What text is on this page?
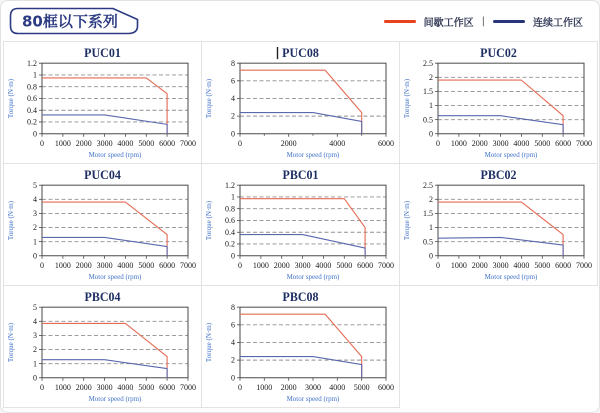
80框以下系列	间歇工作区 |	连续工作区
0
0.2
0.4
0.6
0.8
1
1.2
0 1000 2000 3000 4000 5000 6000 7000
PUC01
Motor speed (rpm)
Torque (N·m)
0
2
4
6
8
0	2000	4000	6000
PUC08
Motor speed (rpm)
Torque (N·m)
0
0.5
1
1.5
2
2.5
0 1000 2000 3000 4000 5000 6000 7000
PUC02
Motor speed (rpm)
Torque (N·m)
0
1
2
3
4
5
0 1000 2000 3000 4000 5000 6000 7000
PUC04
Motor speed (rpm)
Torque (N·m)
0
0.2
0.4
0.6
0.8
1
1.2
0 1000 2000 3000 4000 5000 6000 7000
PBC01
Motor speed (rpm)
Torque (N·m)
0
0.5
1
1.5
2
2.5
0 1000 2000 3000 4000 5000 6000 7000
PBC02
Motor speed (rpm)
Torque (N·m)
0
1
2
3
4
5
0 1000 2000 3000 4000 5000 6000 7000
PBC04
Motor speed (rpm)
Torque (N·m)
0
2
4
6
8
0 1000 2000 3000 4000 5000 6000
PBC08
Motor speed (rpm)
Torque (N·m)
